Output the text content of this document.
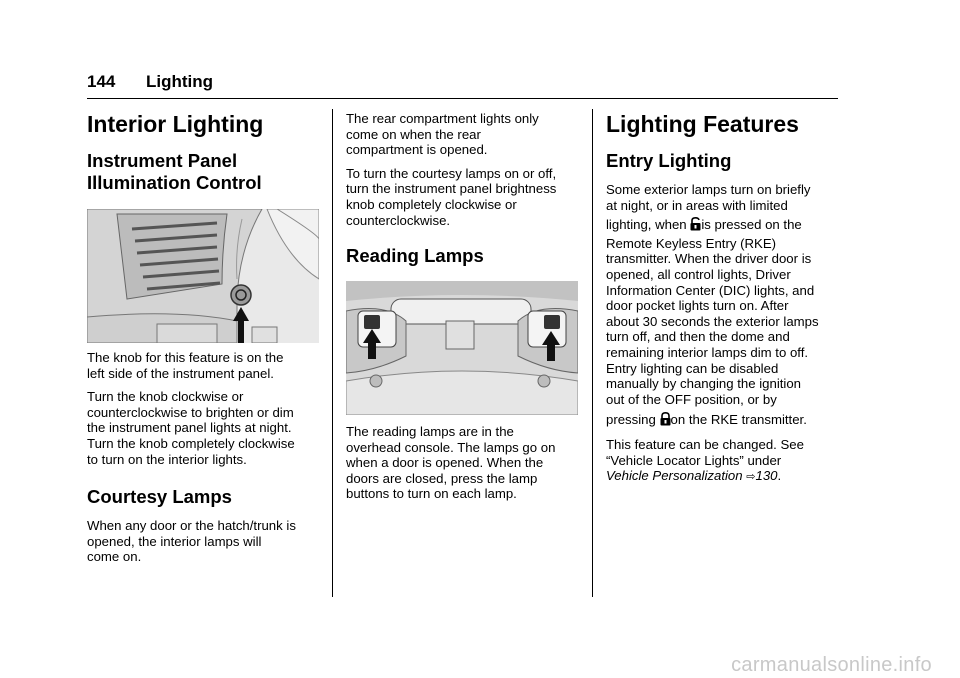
144 Lighting
Interior Lighting
Instrument Panel
Illumination Control

The knob for this feature is on the
left side of the instrument panel.

Turn the knob clockwise or
counterclockwise to brighten or dim
the instrument panel lights at night.
Turn the knob completely clockwise
to turn on the interior lights.

Courtesy Lamps

When any door or the hatch/trunk is
opened, the interior lamps will
come on.

The rear compartment lights only
come on when the rear
compartment is opened.

To turn the courtesy lamps on or off,
turn the instrument panel brightness
knob completely clockwise or
counterclockwise.

Reading Lamps

The reading lamps are in the
overhead console. The lamps go on
when a door is opened. When the
doors are closed, press the lamp
buttons to turn on each lamp.

Lighting Features
Entry Lighting

Some exterior lamps turn on briefly
at night, or in areas with limited
lighting, when is pressed on the
Remote Keyless Entry (RKE)
transmitter. When the driver door is
opened, all control lights, Driver
Information Center (DIC) lights, and
door pocket lights turn on. After
about 30 seconds the exterior lamps
turn off, and then the dome and
remaining interior lamps dim to off.
Entry lighting can be disabled
manually by changing the ignition
out of the OFF position, or by
pressing on the RKE transmitter.

This feature can be changed. See
“Vehicle Locator Lights” under
Vehicle Personalization ⇨130.

carmanualsonline.info
